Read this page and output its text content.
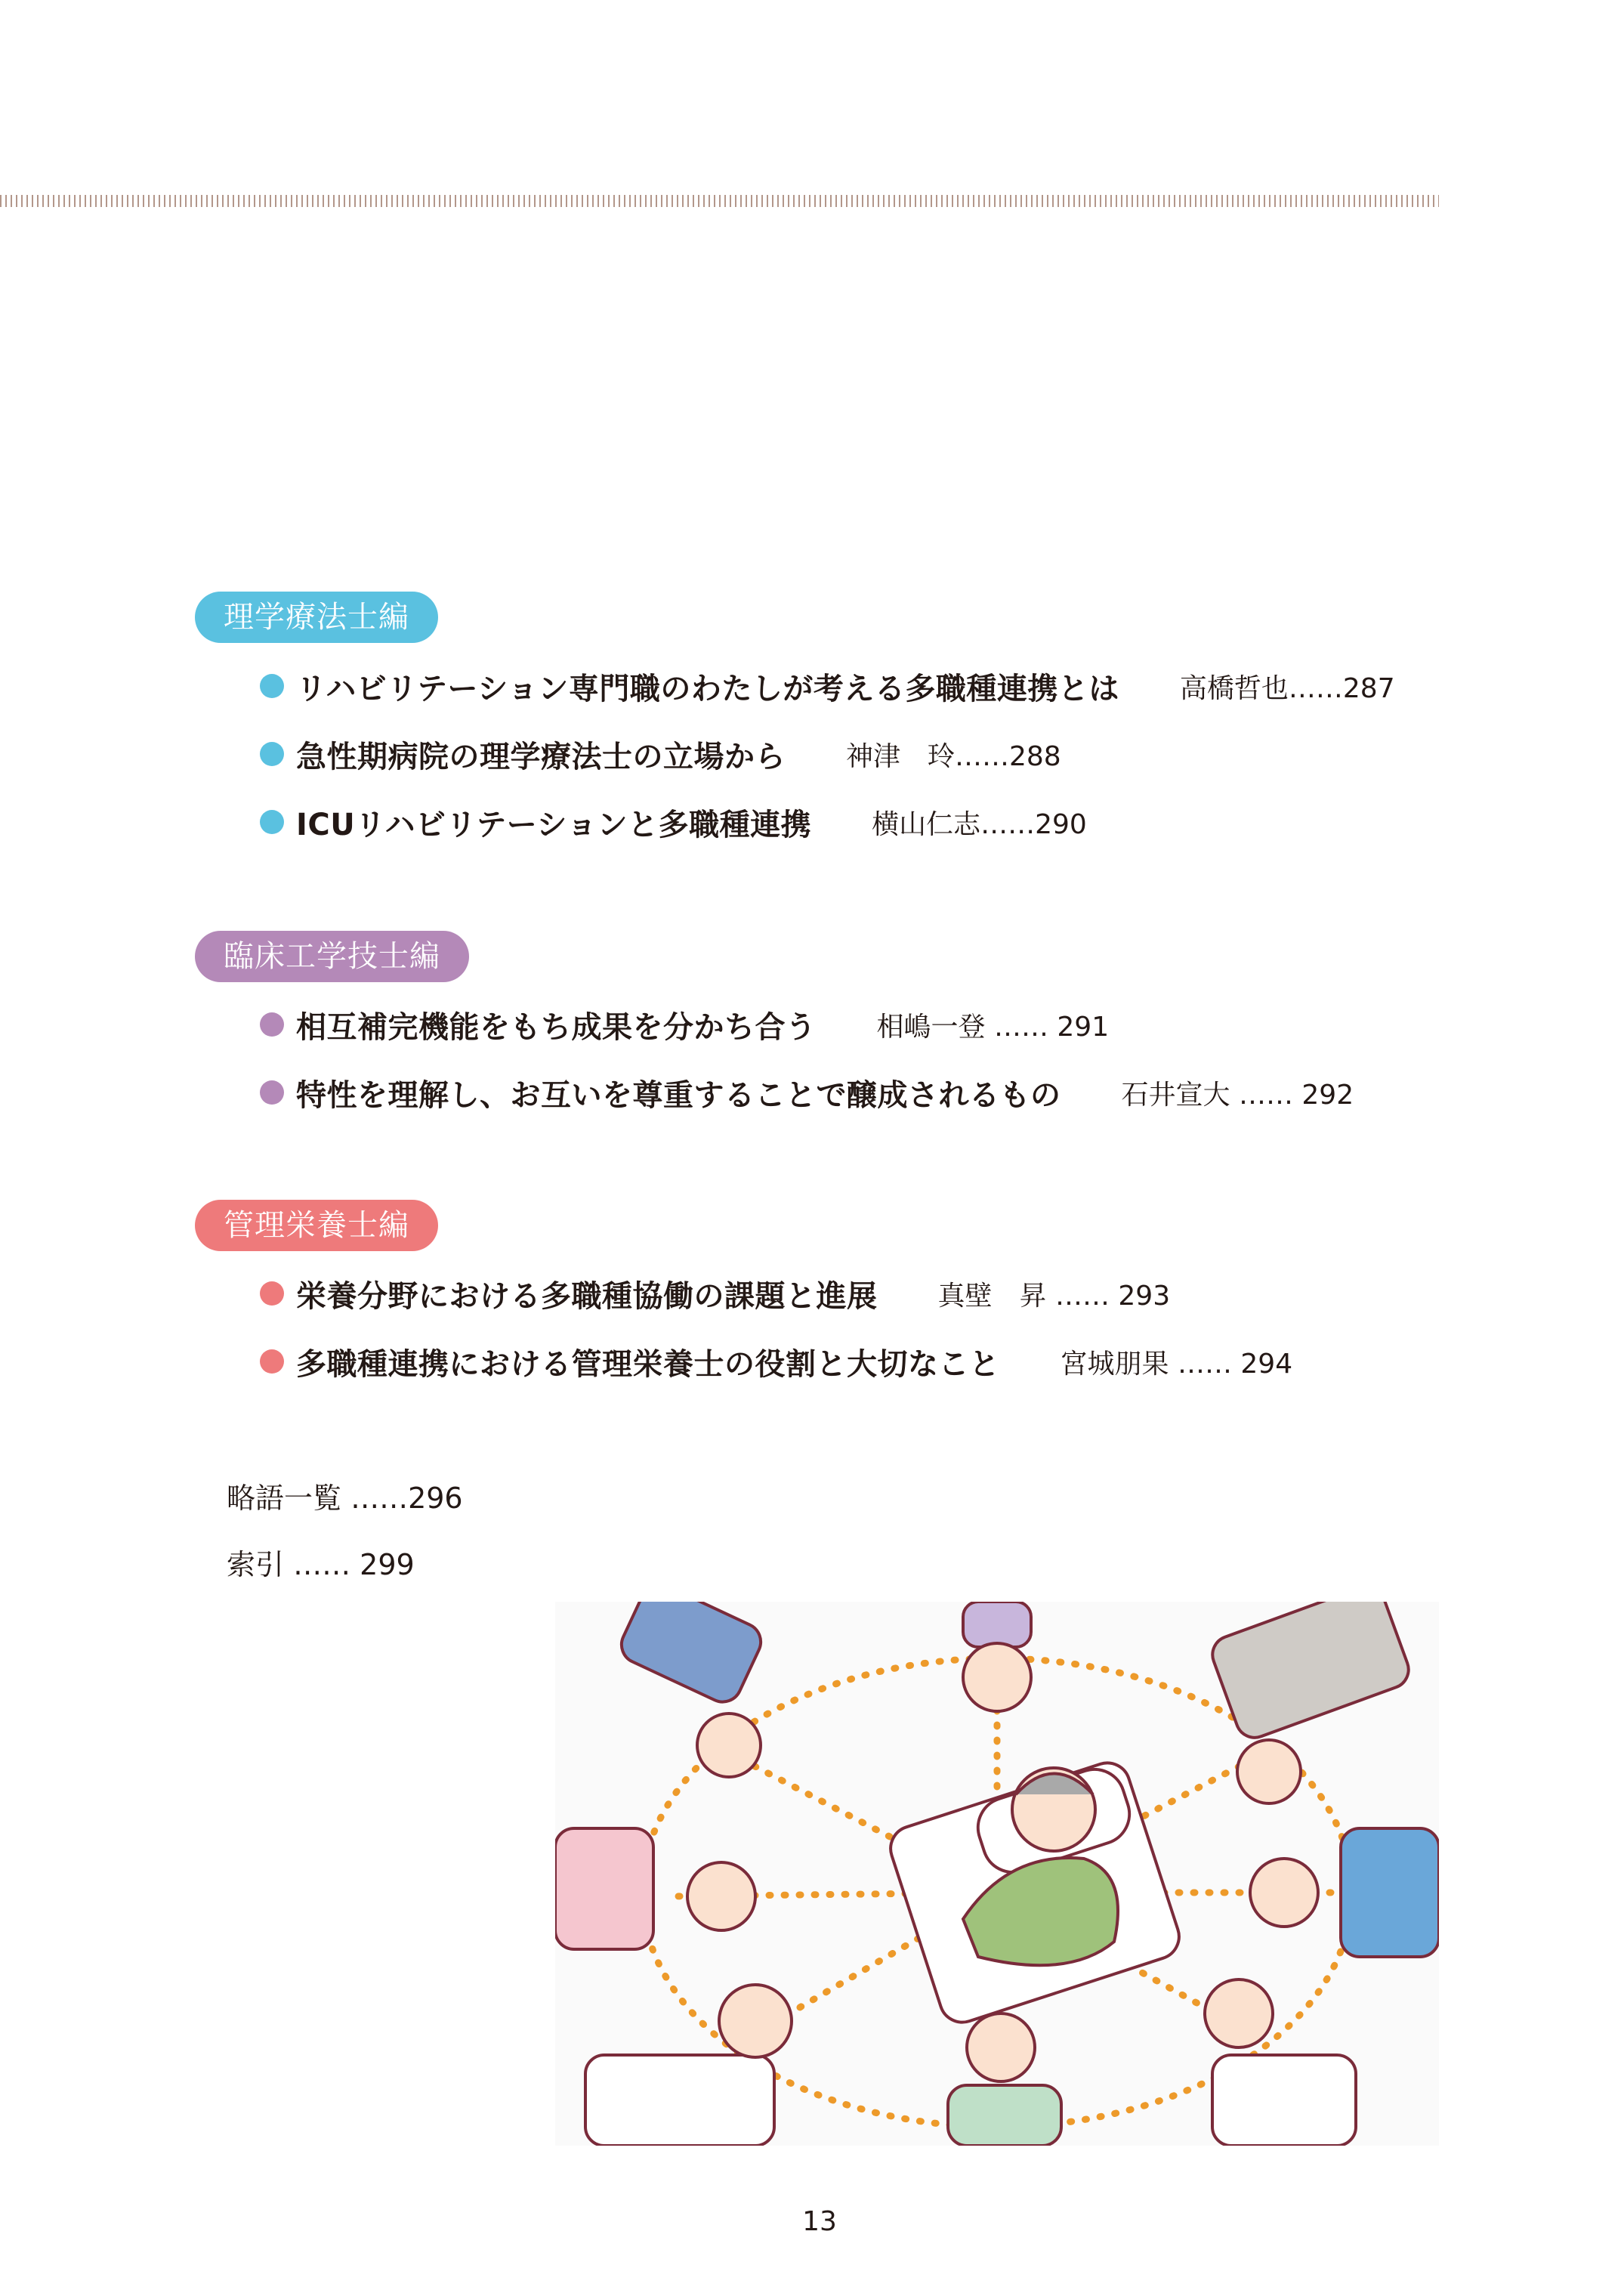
理学療法士編
リハビリテーション専門職のわたしが考える多職種連携とは 高橋哲也……287
急性期病院の理学療法士の立場から 神津　玲……288
ICUリハビリテーションと多職種連携 横山仁志……290
臨床工学技士編
相互補完機能をもち成果を分かち合う 相嶋一登 …… 291
特性を理解し、お互いを尊重することで醸成されるもの 石井宣大 …… 292
管理栄養士編
栄養分野における多職種協働の課題と進展 真壁　昇 …… 293
多職種連携における管理栄養士の役割と大切なこと 宮城朋果 …… 294
略語一覧 ……296
索引 …… 299
13
